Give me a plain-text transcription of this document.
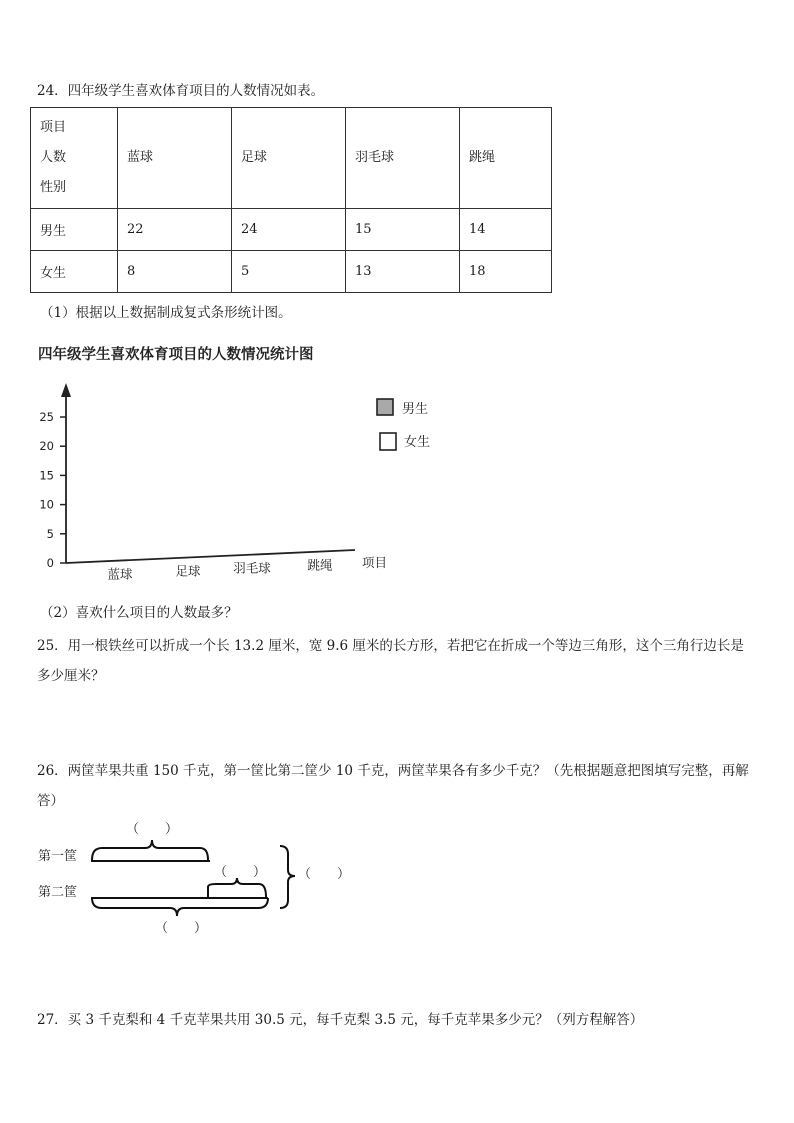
24．四年级学生喜欢体育项目的人数情况如表。
项目
人数
性别	蓝球	足球	羽毛球	跳绳
男生	22	24	15	14
女生	8	5	13	18
（1）根据以上数据制成复式条形统计图。
四年级学生喜欢体育项目的人数情况统计图
0
5
10
15
20
25
蓝球	足球	羽毛球	跳绳 项目
男生
女生
（2）喜欢什么项目的人数最多？
25．用一根铁丝可以折成一个长 13.2 厘米，宽 9.6 厘米的长方形，若把它在折成一个等边三角形，这个三角行边长是
多少厘米？
26．两筐苹果共重 150 千克，第一筐比第二筐少 10 千克，两筐苹果各有多少千克？（先根据题意把图填写完整，再解
答）
（　　）
第一筐
第二筐
（　　）
（　　）
（　　）
27．买 3 千克梨和 4 千克苹果共用 30.5 元，每千克梨 3.5 元，每千克苹果多少元？（列方程解答）
